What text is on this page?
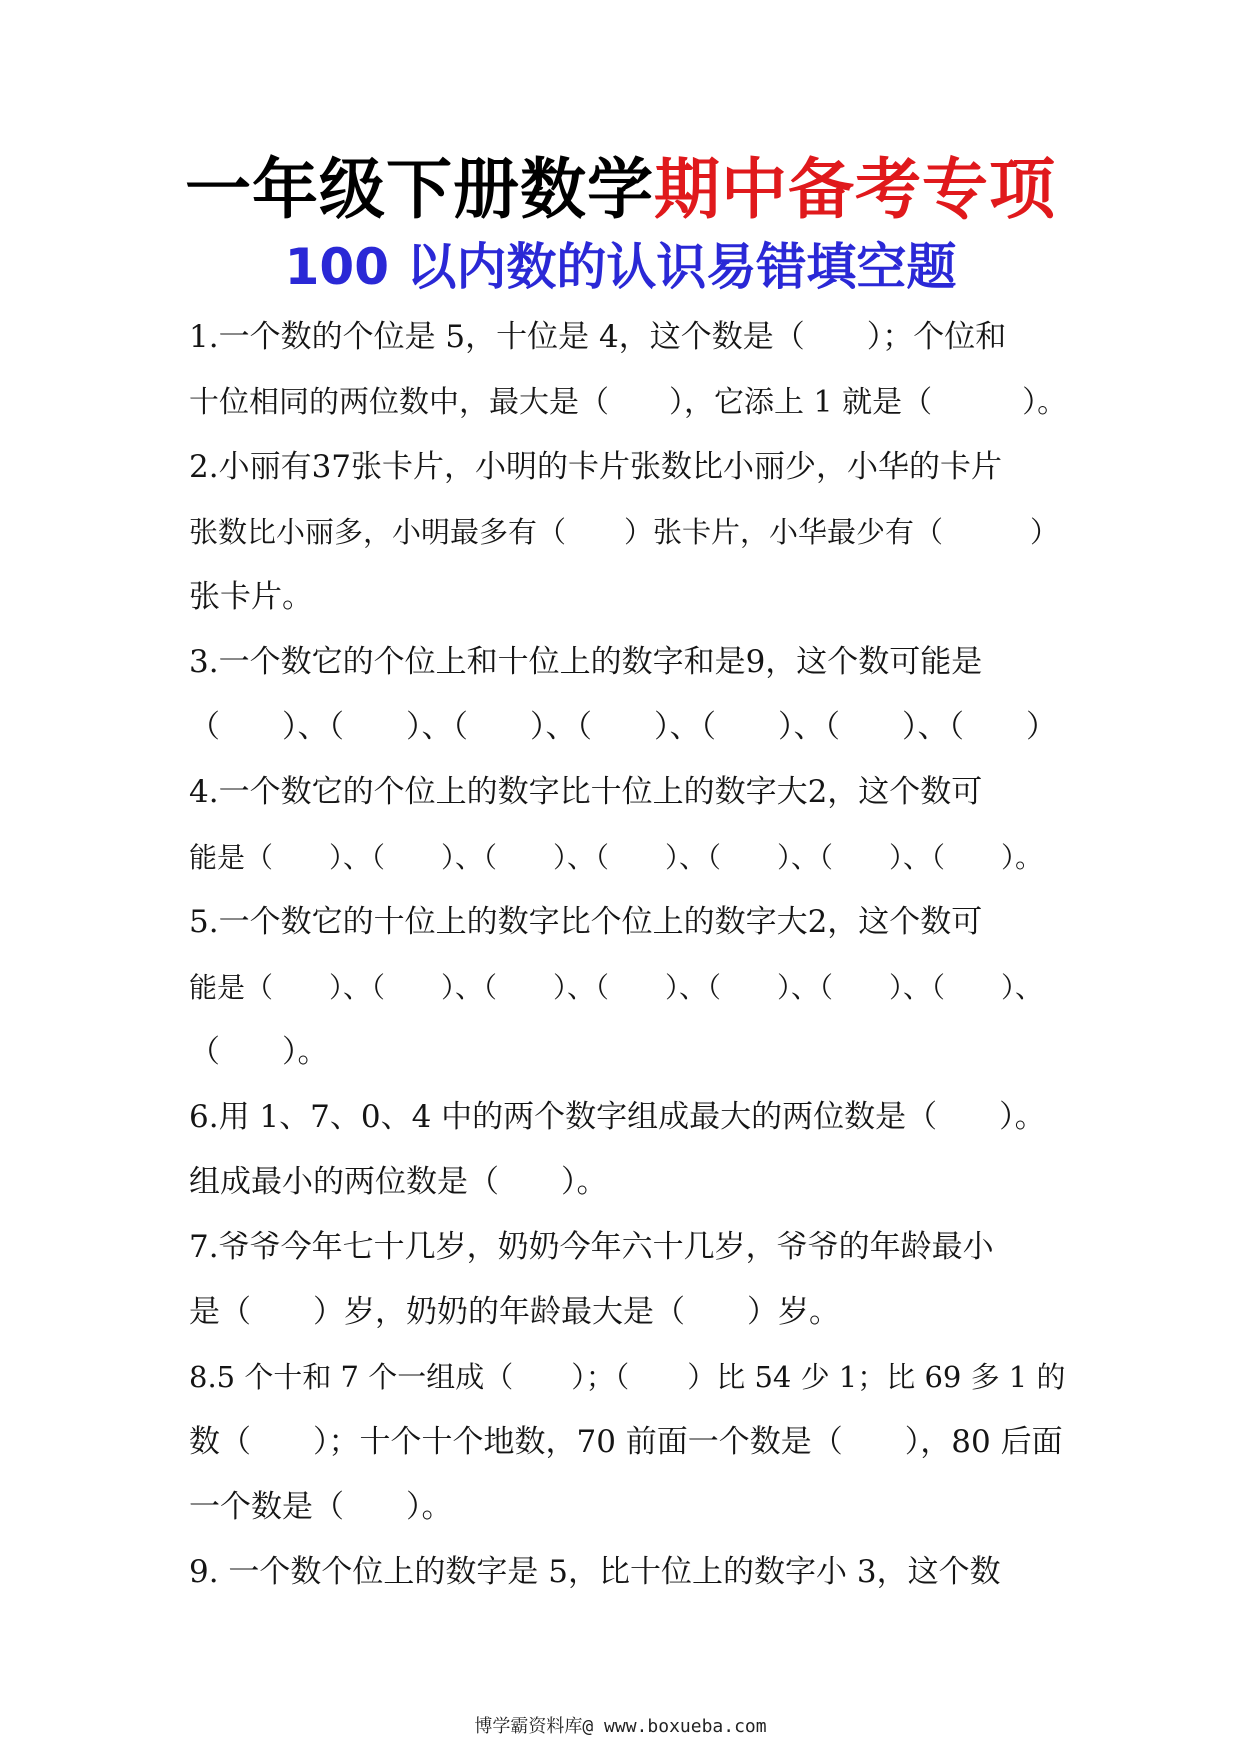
一年级下册数学期中备考专项
100 以内数的认识易错填空题
1.一个数的个位是 5，十位是 4，这个数是（　　）；个位和
十位相同的两位数中，最大是（　　），它添上 1 就是（　　　）。
2.小丽有37张卡片，小明的卡片张数比小丽少，小华的卡片
张数比小丽多，小明最多有（　　）张卡片，小华最少有（　　　）
张卡片。
3.一个数它的个位上和十位上的数字和是9，这个数可能是
（　　）、（　　）、（　　）、（　　）、（　　）、（　　）、（　　）
4.一个数它的个位上的数字比十位上的数字大2，这个数可
能是（　　）、（　　）、（　　）、（　　）、（　　）、（　　）、（　　）。
5.一个数它的十位上的数字比个位上的数字大2，这个数可
能是（　　）、（　　）、（　　）、（　　）、（　　）、（　　）、（　　）、
（　　）。
6.用 1、7、0、4 中的两个数字组成最大的两位数是（　　）。
组成最小的两位数是（　　）。
7.爷爷今年七十几岁，奶奶今年六十几岁，爷爷的年龄最小
是（　　）岁，奶奶的年龄最大是（　　）岁。
8.5 个十和 7 个一组成（　　）；（　　）比 54 少 1；比 69 多 1 的
数（　　）；十个十个地数，70 前面一个数是（　　），80 后面
一个数是（　　）。
9. 一个数个位上的数字是 5，比十位上的数字小 3，这个数
博学霸资料库@ www.boxueba.com
